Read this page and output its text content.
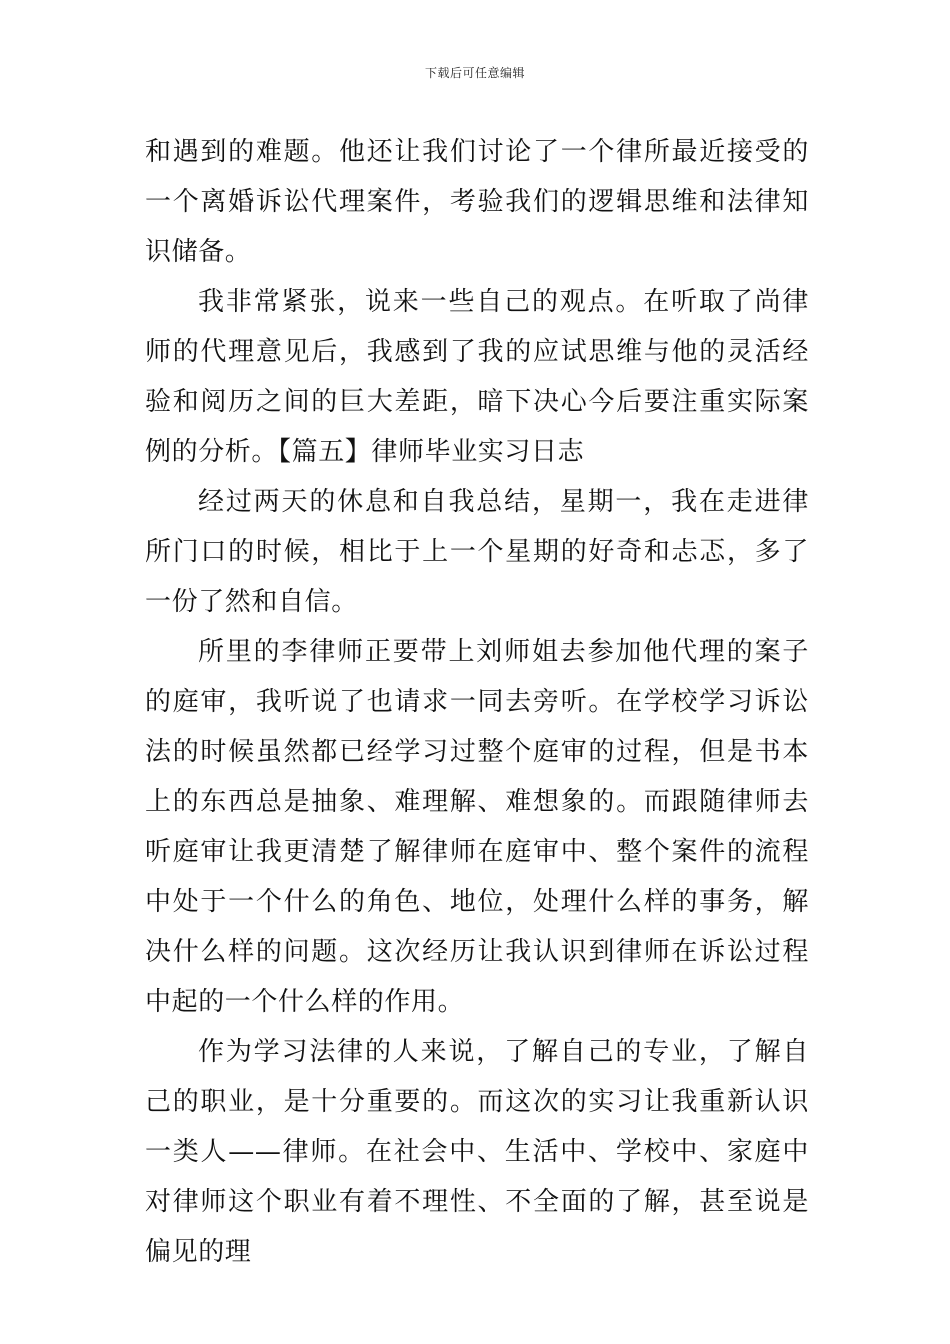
下载后可任意编辑

和遇到的难题。他还让我们讨论了一个律所最近接受的一个离婚诉讼代理案件，考验我们的逻辑思维和法律知识储备。

我非常紧张，说来一些自己的观点。在听取了尚律师的代理意见后，我感到了我的应试思维与他的灵活经验和阅历之间的巨大差距，暗下决心今后要注重实际案例的分析。【篇五】律师毕业实习日志

经过两天的休息和自我总结，星期一，我在走进律所门口的时候，相比于上一个星期的好奇和忐忑，多了一份了然和自信。

所里的李律师正要带上刘师姐去参加他代理的案子的庭审，我听说了也请求一同去旁听。在学校学习诉讼法的时候虽然都已经学习过整个庭审的过程，但是书本上的东西总是抽象、难理解、难想象的。而跟随律师去听庭审让我更清楚了解律师在庭审中、整个案件的流程中处于一个什么的角色、地位，处理什么样的事务，解决什么样的问题。这次经历让我认识到律师在诉讼过程中起的一个什么样的作用。

作为学习法律的人来说，了解自己的专业，了解自己的职业，是十分重要的。而这次的实习让我重新认识一类人——律师。在社会中、生活中、学校中、家庭中对律师这个职业有着不理性、不全面的了解，甚至说是偏见的理
